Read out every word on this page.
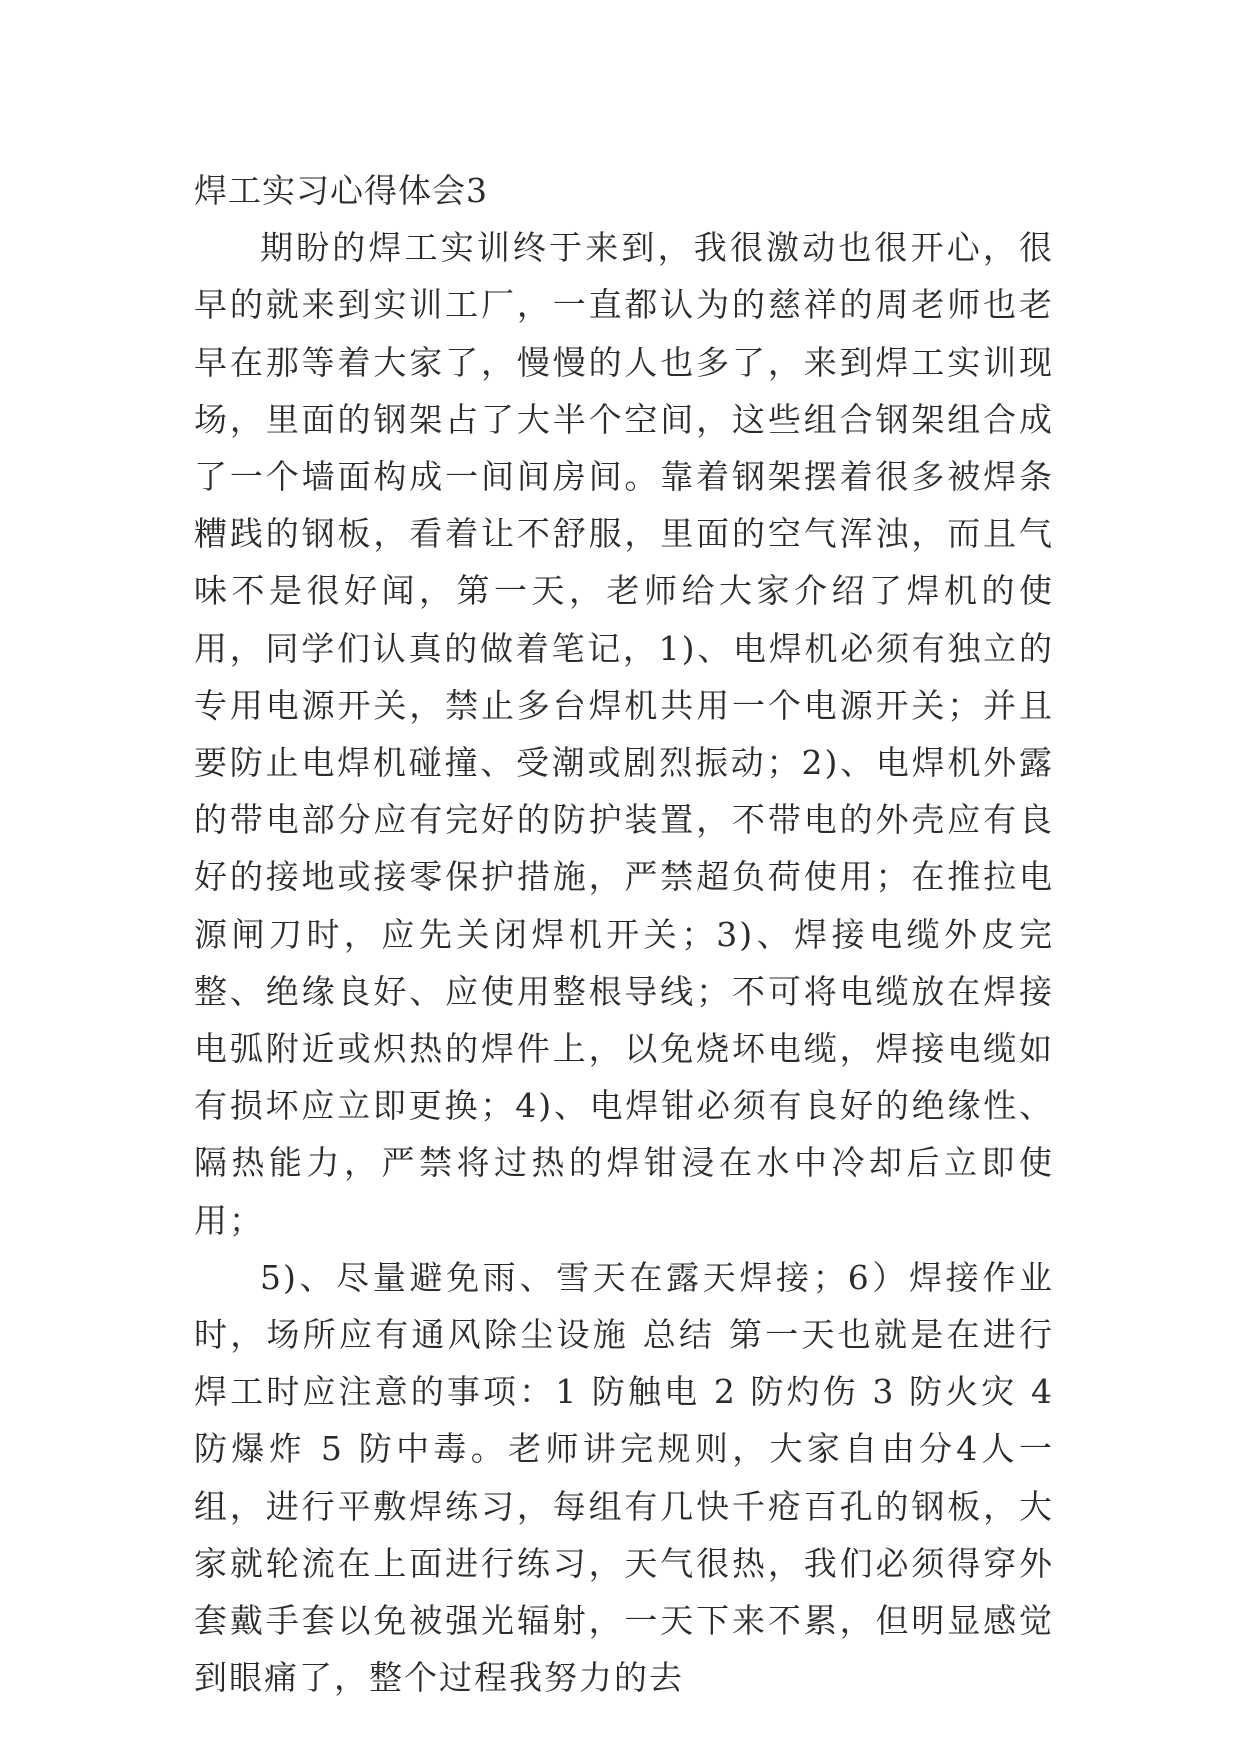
焊工实习心得体会3

期盼的焊工实训终于来到，我很激动也很开心，很早的就来到实训工厂，一直都认为的慈祥的周老师也老早在那等着大家了，慢慢的人也多了，来到焊工实训现场，里面的钢架占了大半个空间，这些组合钢架组合成了一个墙面构成一间间房间。靠着钢架摆着很多被焊条糟践的钢板，看着让不舒服，里面的空气浑浊，而且气味不是很好闻，第一天，老师给大家介绍了焊机的使用，同学们认真的做着笔记，1)、电焊机必须有独立的专用电源开关，禁止多台焊机共用一个电源开关；并且要防止电焊机碰撞、受潮或剧烈振动；2)、电焊机外露的带电部分应有完好的防护装置，不带电的外壳应有良好的接地或接零保护措施，严禁超负荷使用；在推拉电源闸刀时，应先关闭焊机开关；3)、焊接电缆外皮完整、绝缘良好、应使用整根导线；不可将电缆放在焊接电弧附近或炽热的焊件上，以免烧坏电缆，焊接电缆如有损坏应立即更换；4)、电焊钳必须有良好的绝缘性、隔热能力，严禁将过热的焊钳浸在水中冷却后立即使用；

5)、尽量避免雨、雪天在露天焊接；6）焊接作业时，场所应有通风除尘设施 总结 第一天也就是在进行焊工时应注意的事项：1 防触电 2 防灼伤 3 防火灾 4 防爆炸 5 防中毒。老师讲完规则，大家自由分4人一组，进行平敷焊练习，每组有几快千疮百孔的钢板，大家就轮流在上面进行练习，天气很热，我们必须得穿外套戴手套以免被强光辐射，一天下来不累，但明显感觉到眼痛了，整个过程我努力的去
